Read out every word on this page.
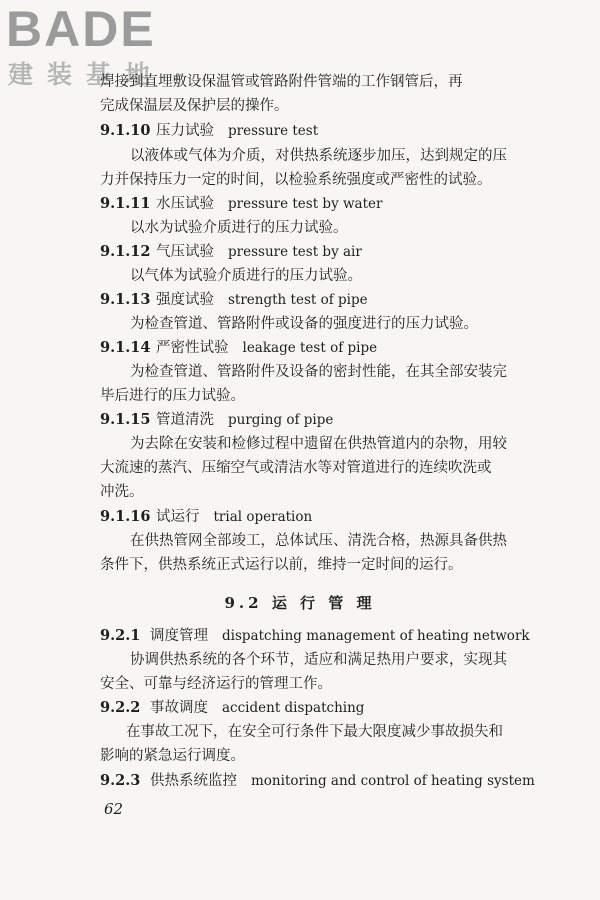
BADE
建装基地
焊接到直埋敷设保温管或管路附件管端的工作钢管后，再
完成保温层及保护层的操作。
9.1.10 压力试验 pressure test
以液体或气体为介质，对供热系统逐步加压，达到规定的压
力并保持压力一定的时间，以检验系统强度或严密性的试验。
9.1.11 水压试验 pressure test by water
以水为试验介质进行的压力试验。
9.1.12 气压试验 pressure test by air
以气体为试验介质进行的压力试验。
9.1.13 强度试验 strength test of pipe
为检查管道、管路附件或设备的强度进行的压力试验。
9.1.14 严密性试验 leakage test of pipe
为检查管道、管路附件及设备的密封性能，在其全部安装完
毕后进行的压力试验。
9.1.15 管道清洗 purging of pipe
为去除在安装和检修过程中遗留在供热管道内的杂物，用较
大流速的蒸汽、压缩空气或清洁水等对管道进行的连续吹洗或
冲洗。
9.1.16 试运行 trial operation
在供热管网全部竣工，总体试压、清洗合格，热源具备供热
条件下，供热系统正式运行以前，维持一定时间的运行。
9.2 运 行 管 理
9.2.1 调度管理 dispatching management of heating network
协调供热系统的各个环节，适应和满足热用户要求，实现其
安全、可靠与经济运行的管理工作。
9.2.2 事故调度 accident dispatching
在事故工况下，在安全可行条件下最大限度减少事故损失和
影响的紧急运行调度。
9.2.3 供热系统监控 monitoring and control of heating system
62
